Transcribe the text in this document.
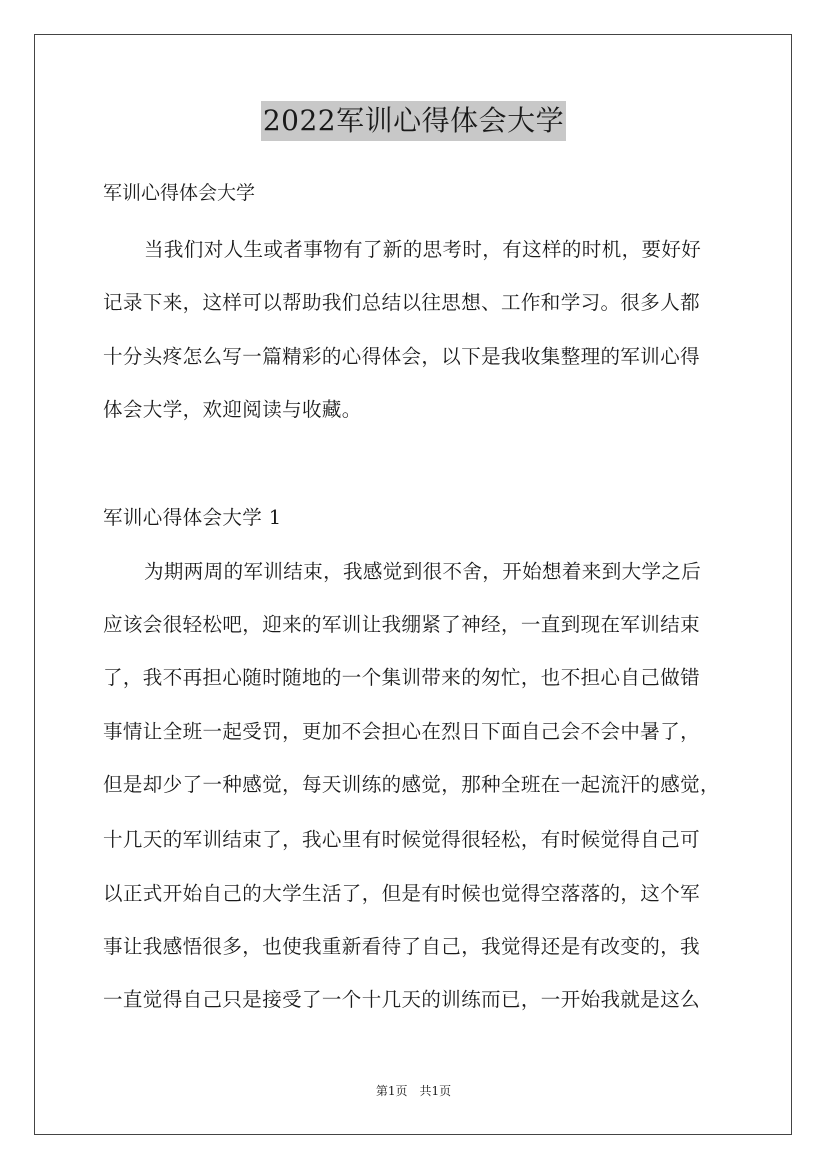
2022军训心得体会大学
军训心得体会大学
当我们对人生或者事物有了新的思考时，有这样的时机，要好好
记录下来，这样可以帮助我们总结以往思想、工作和学习。很多人都
十分头疼怎么写一篇精彩的心得体会，以下是我收集整理的军训心得
体会大学，欢迎阅读与收藏。
军训心得体会大学 1
为期两周的军训结束，我感觉到很不舍，开始想着来到大学之后
应该会很轻松吧，迎来的军训让我绷紧了神经，一直到现在军训结束
了，我不再担心随时随地的一个集训带来的匆忙，也不担心自己做错
事情让全班一起受罚，更加不会担心在烈日下面自己会不会中暑了，
但是却少了一种感觉，每天训练的感觉，那种全班在一起流汗的感觉，
十几天的军训结束了，我心里有时候觉得很轻松，有时候觉得自己可
以正式开始自己的大学生活了，但是有时候也觉得空落落的，这个军
事让我感悟很多，也使我重新看待了自己，我觉得还是有改变的，我
一直觉得自己只是接受了一个十几天的训练而已，一开始我就是这么
第1页 共1页
